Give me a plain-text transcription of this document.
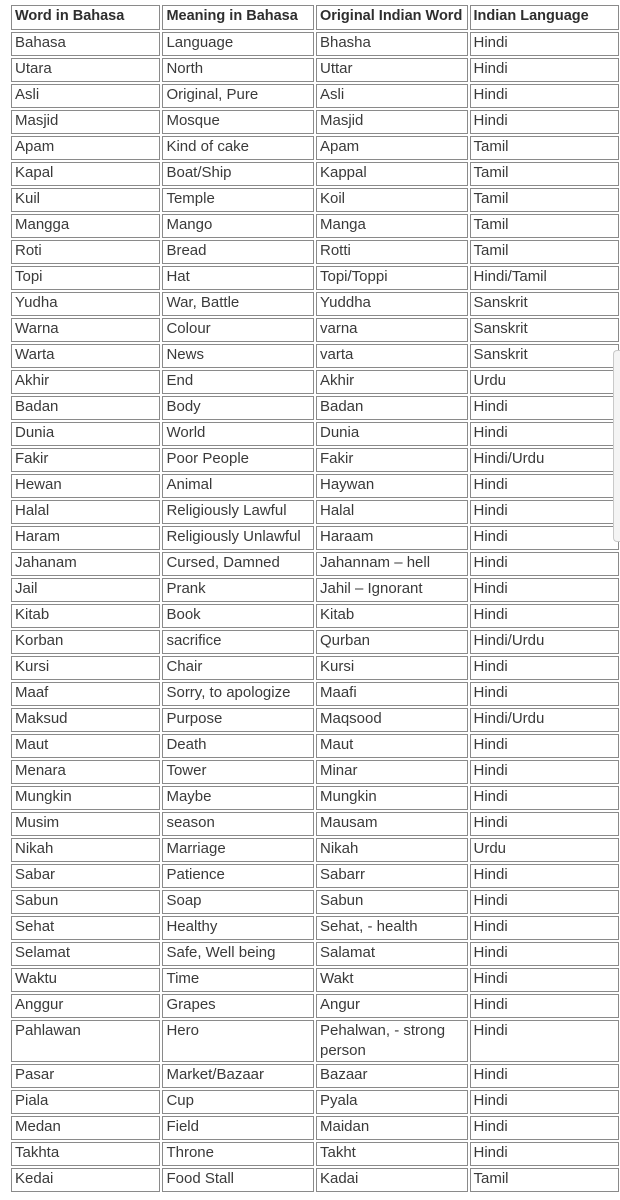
Word in Bahasa	Meaning in Bahasa	Original Indian Word	Indian Language
Bahasa	Language	Bhasha	Hindi
Utara	North	Uttar	Hindi
Asli	Original, Pure	Asli	Hindi
Masjid	Mosque	Masjid	Hindi
Apam	Kind of cake	Apam	Tamil
Kapal	Boat/Ship	Kappal	Tamil
Kuil	Temple	Koil	Tamil
Mangga	Mango	Manga	Tamil
Roti	Bread	Rotti	Tamil
Topi	Hat	Topi/Toppi	Hindi/Tamil
Yudha	War, Battle	Yuddha	Sanskrit
Warna	Colour	varna	Sanskrit
Warta	News	varta	Sanskrit
Akhir	End	Akhir	Urdu
Badan	Body	Badan	Hindi
Dunia	World	Dunia	Hindi
Fakir	Poor People	Fakir	Hindi/Urdu
Hewan	Animal	Haywan	Hindi
Halal	Religiously Lawful	Halal	Hindi
Haram	Religiously Unlawful	Haraam	Hindi
Jahanam	Cursed, Damned	Jahannam – hell	Hindi
Jail	Prank	Jahil – Ignorant	Hindi
Kitab	Book	Kitab	Hindi
Korban	sacrifice	Qurban	Hindi/Urdu
Kursi	Chair	Kursi	Hindi
Maaf	Sorry, to apologize	Maafi	Hindi
Maksud	Purpose	Maqsood	Hindi/Urdu
Maut	Death	Maut	Hindi
Menara	Tower	Minar	Hindi
Mungkin	Maybe	Mungkin	Hindi
Musim	season	Mausam	Hindi
Nikah	Marriage	Nikah	Urdu
Sabar	Patience	Sabarr	Hindi
Sabun	Soap	Sabun	Hindi
Sehat	Healthy	Sehat, - health	Hindi
Selamat	Safe, Well being	Salamat	Hindi
Waktu	Time	Wakt	Hindi
Anggur	Grapes	Angur	Hindi
Pahlawan	Hero	Pehalwan, - strong person	Hindi
Pasar	Market/Bazaar	Bazaar	Hindi
Piala	Cup	Pyala	Hindi
Medan	Field	Maidan	Hindi
Takhta	Throne	Takht	Hindi
Kedai	Food Stall	Kadai	Tamil
